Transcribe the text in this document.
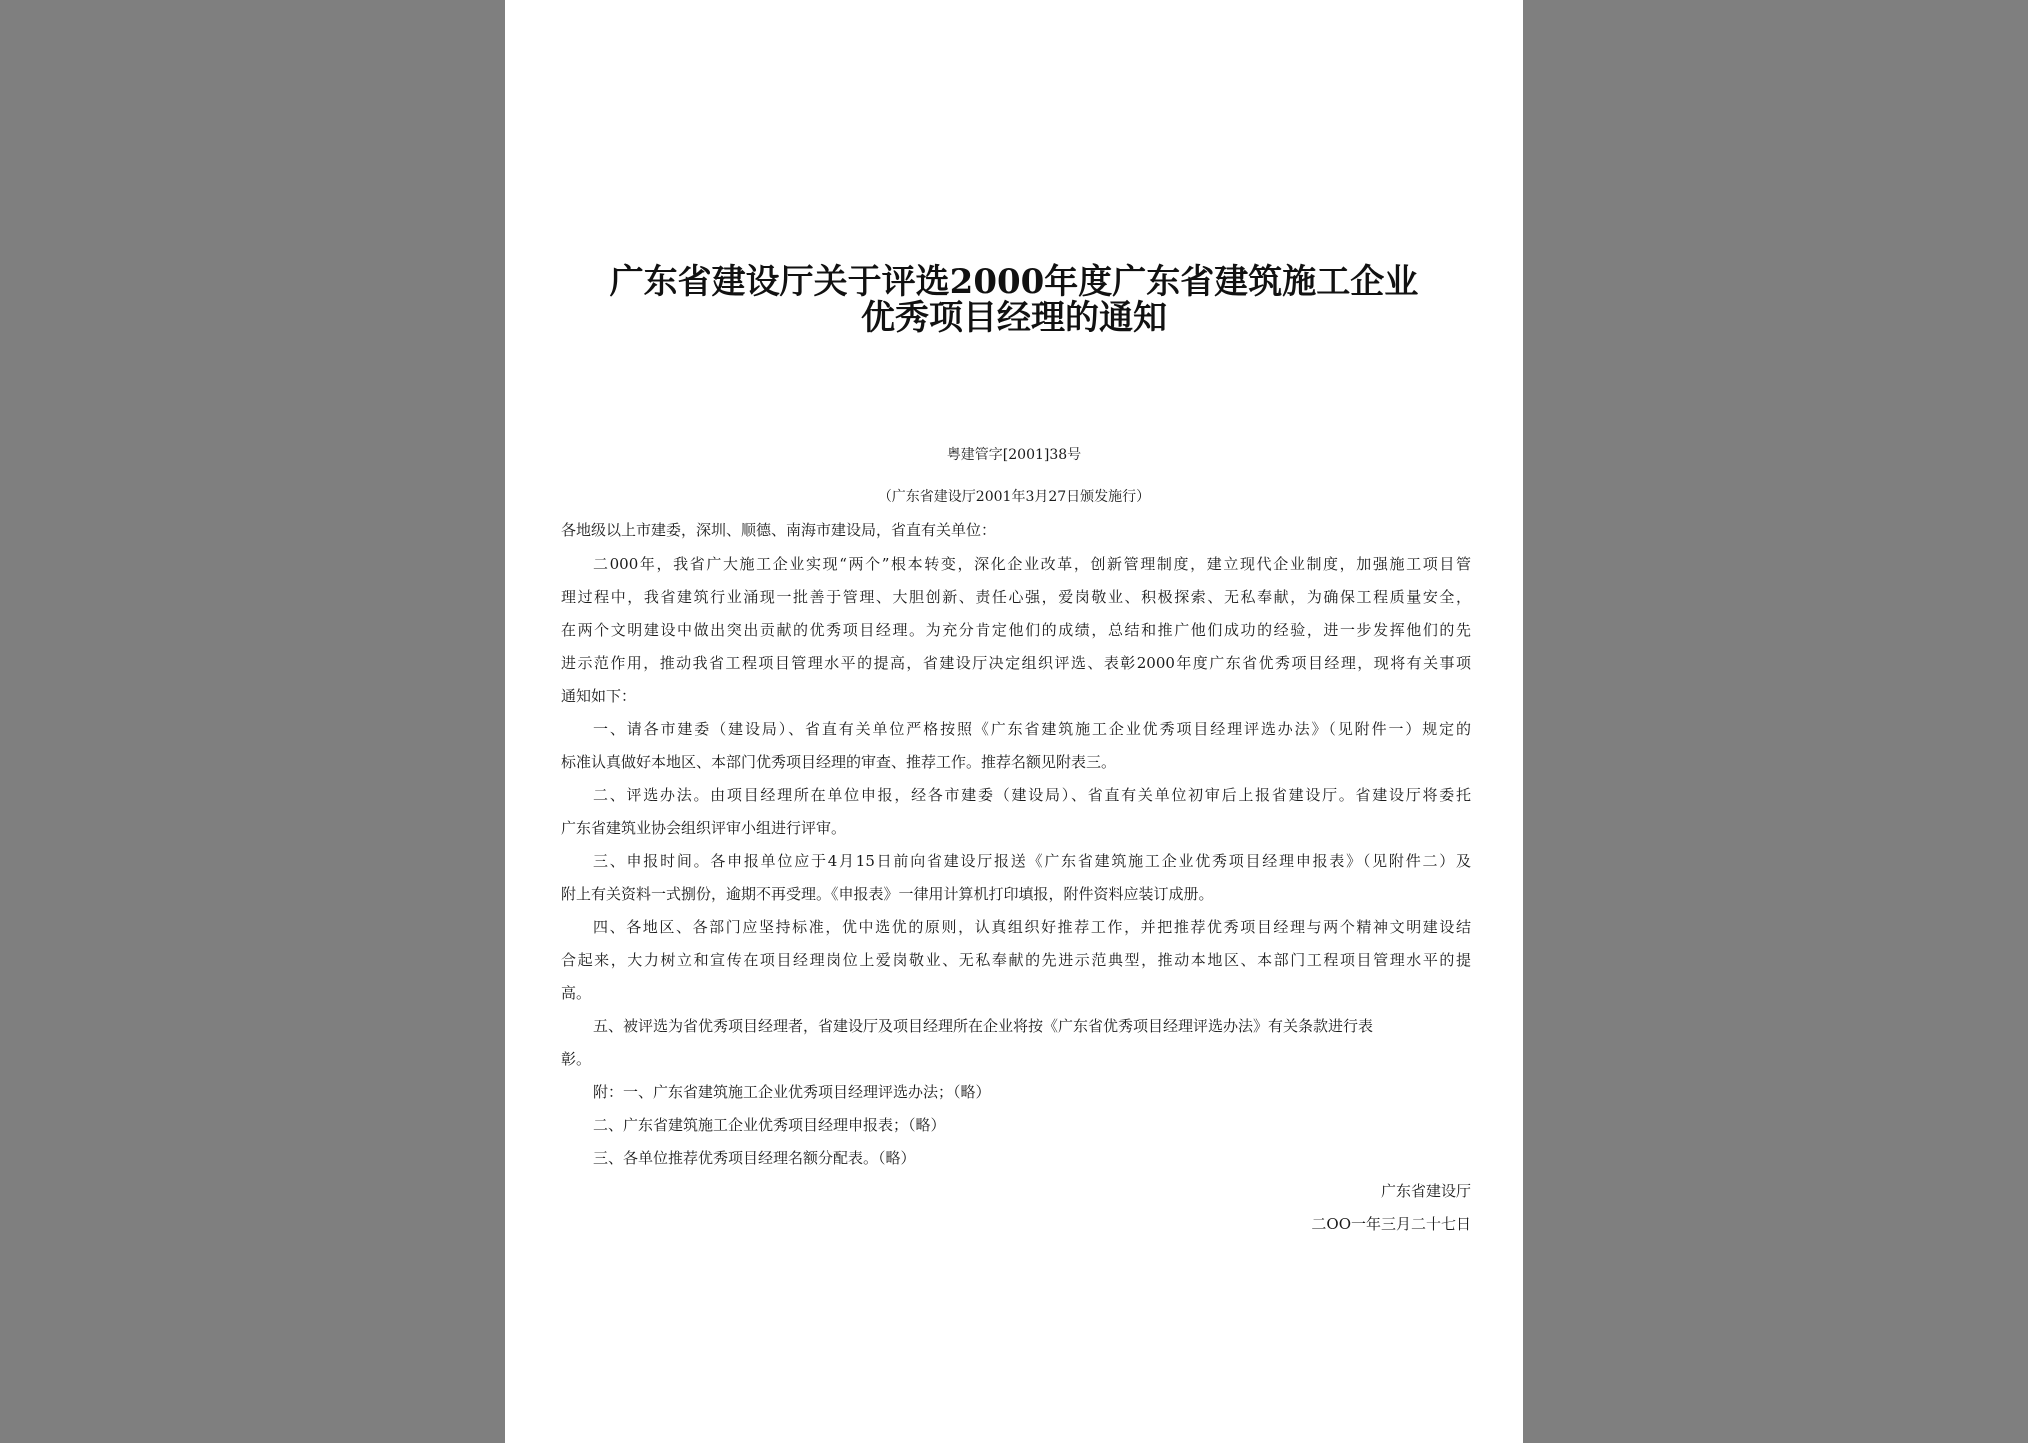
广东省建设厅关于评选2000年度广东省建筑施工企业
优秀项目经理的通知
粤建管字[2001]38号
（广东省建设厅2001年3月27日颁发施行）
各地级以上市建委，深圳、顺德、南海市建设局，省直有关单位：
二000年，我省广大施工企业实现“两个”根本转变，深化企业改革，创新管理制度，建立现代企业制度，加强施工项目管
理过程中，我省建筑行业涌现一批善于管理、大胆创新、责任心强，爱岗敬业、积极探索、无私奉献，为确保工程质量安全，
在两个文明建设中做出突出贡献的优秀项目经理。为充分肯定他们的成绩，总结和推广他们成功的经验，进一步发挥他们的先
进示范作用，推动我省工程项目管理水平的提高，省建设厅决定组织评选、表彰2000年度广东省优秀项目经理，现将有关事项
通知如下：
一、请各市建委（建设局）、省直有关单位严格按照《广东省建筑施工企业优秀项目经理评选办法》（见附件一）规定的
标准认真做好本地区、本部门优秀项目经理的审查、推荐工作。推荐名额见附表三。
二、评选办法。由项目经理所在单位申报，经各市建委（建设局）、省直有关单位初审后上报省建设厅。省建设厅将委托
广东省建筑业协会组织评审小组进行评审。
三、申报时间。各申报单位应于4月15日前向省建设厅报送《广东省建筑施工企业优秀项目经理申报表》（见附件二）及
附上有关资料一式捌份，逾期不再受理。《申报表》一律用计算机打印填报，附件资料应装订成册。
四、各地区、各部门应坚持标准，优中选优的原则，认真组织好推荐工作，并把推荐优秀项目经理与两个精神文明建设结
合起来，大力树立和宣传在项目经理岗位上爱岗敬业、无私奉献的先进示范典型，推动本地区、本部门工程项目管理水平的提
高。
五、被评选为省优秀项目经理者，省建设厅及项目经理所在企业将按《广东省优秀项目经理评选办法》有关条款进行表
彰。
附：一、广东省建筑施工企业优秀项目经理评选办法；（略）
二、广东省建筑施工企业优秀项目经理申报表；（略）
三、各单位推荐优秀项目经理名额分配表。（略）
广东省建设厅
二OO一年三月二十七日
